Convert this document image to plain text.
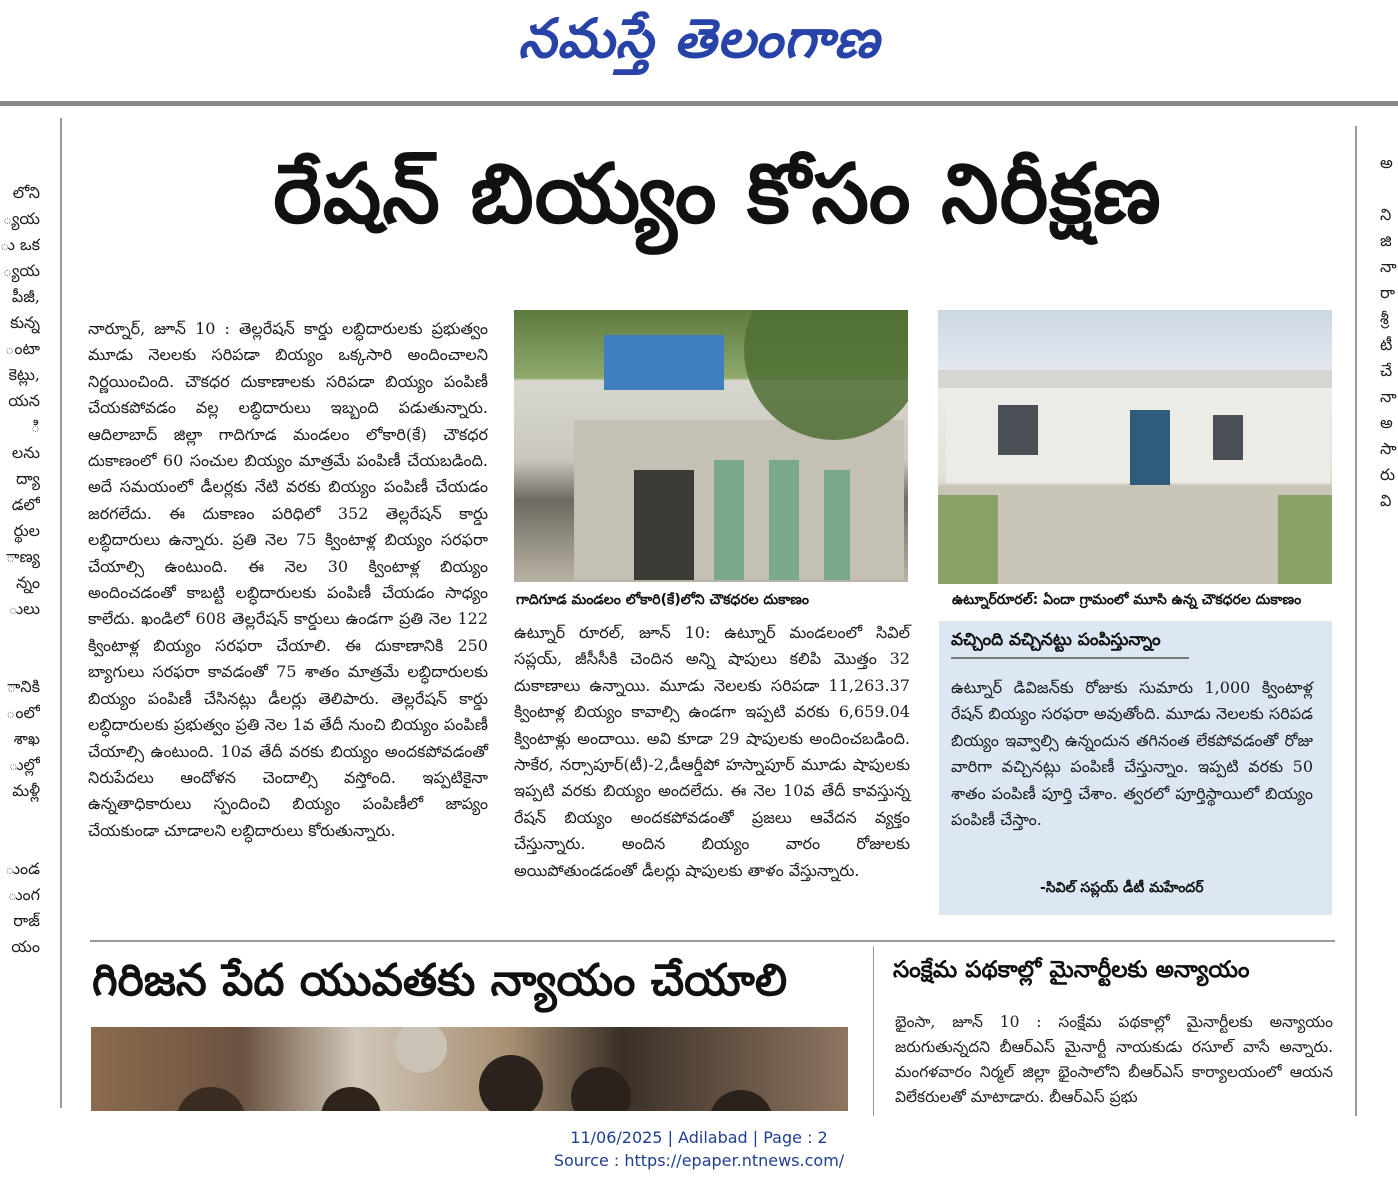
నమస్తే తెలంగాణ
లోని
్యయ
ు ఒక
్యయ
పీజీ,
కున్న
ంటా
కెట్లు,
యన
ి
లను
ద్యా
డలో
ర్థుల
ాణ్య
న్నం
ులు

ానికి
ంలో
శాఖ
ుల్లో
మళ్లీ

ుండ
ుంగ
రాజ్
యం
అ

ని
జి
నా
రా
శ్రీ
టీ
చే
నా
అ
సా
రు
వి
రేషన్ బియ్యం కోసం నిరీక్షణ
నార్నూర్, జూన్ 10 : తెల్లరేషన్ కార్డు లబ్ధిదారులకు ప్రభుత్వం మూడు నెలలకు సరిపడా బియ్యం ఒక్కసారి అందించాలని నిర్ణయించింది. చౌకధర దుకాణాలకు సరిపడా బియ్యం పంపిణీ చేయకపోవడం వల్ల లబ్ధిదారులు ఇబ్బంది పడుతున్నారు. ఆదిలాబాద్ జిల్లా గాదిగూడ మండలం లోకారి(కే) చౌకధర దుకాణంలో 60 సంచుల బియ్యం మాత్రమే పంపిణీ చేయబడింది. అదే సమయంలో డీలర్లకు నేటి వరకు బియ్యం పంపిణీ చేయడం జరగలేదు. ఈ దుకాణం పరిధిలో 352 తెల్లరేషన్ కార్డు లబ్ధిదారులు ఉన్నారు. ప్రతి నెల 75 క్వింటాళ్ల బియ్యం సరఫరా చేయాల్సి ఉంటుంది. ఈ నెల 30 క్వింటాళ్ల బియ్యం అందించడంతో కాబట్టి లబ్ధిదారులకు పంపిణీ చేయడం సాధ్యం కాలేదు. ఖండిలో 608 తెల్లరేషన్ కార్డులు ఉండగా ప్రతి నెల 122 క్వింటాళ్ల బియ్యం సరఫరా చేయాలి. ఈ దుకాణానికి 250 బ్యాగులు సరఫరా కావడంతో 75 శాతం మాత్రమే లబ్ధిదారులకు బియ్యం పంపిణీ చేసినట్లు డీలర్లు తెలిపారు. తెల్లరేషన్ కార్డు లబ్ధిదారులకు ప్రభుత్వం ప్రతి నెల 1వ తేదీ నుంచి బియ్యం పంపిణీ చేయాల్సి ఉంటుంది. 10వ తేదీ వరకు బియ్యం అందకపోవడంతో నిరుపేదలు ఆందోళన చెందాల్సి వస్తోంది. ఇప్పటికైనా ఉన్నతాధికారులు స్పందించి బియ్యం పంపిణీలో జాప్యం చేయకుండా చూడాలని లబ్ధిదారులు కోరుతున్నారు.
గాదిగూడ మండలం లోకారి(కే)లోని చౌకధరల దుకాణం	ఉట్నూర్‌రూరల్: ఏందా గ్రామంలో మూసి ఉన్న చౌకధరల దుకాణం
ఉట్నూర్ రూరల్, జూన్ 10: ఉట్నూర్ మండలంలో సివిల్ సప్లయ్, జీసీసీకి చెందిన అన్ని షాపులు కలిపి మొత్తం 32 దుకాణాలు ఉన్నాయి. మూడు నెలలకు సరిపడా 11,263.37 క్వింటాళ్ల బియ్యం కావాల్సి ఉండగా ఇప్పటి వరకు 6,659.04 క్వింటాళ్లు అందాయి. అవి కూడా 29 షాపులకు అందించబడింది. సాకేర, నర్సాపూర్(టీ)-2,డీఆర్డీపో హస్నాపూర్ మూడు షాపులకు ఇప్పటి వరకు బియ్యం అందలేదు. ఈ నెల 10వ తేదీ కావస్తున్న రేషన్ బియ్యం అందకపోవడంతో ప్రజలు ఆవేదన వ్యక్తం చేస్తున్నారు. అందిన బియ్యం వారం రోజులకు అయిపోతుండడంతో డీలర్లు షాపులకు తాళం వేస్తున్నారు.
వచ్చింది వచ్చినట్టు పంపిస్తున్నాం
ఉట్నూర్ డివిజన్‌కు రోజుకు సుమారు 1,000 క్వింటాళ్ల రేషన్ బియ్యం సరఫరా అవుతోంది. మూడు నెలలకు సరిపడ బియ్యం ఇవ్వాల్సి ఉన్నందున తగినంత లేకపోవడంతో రోజు వారిగా వచ్చినట్లు పంపిణీ చేస్తున్నాం. ఇప్పటి వరకు 50 శాతం పంపిణీ పూర్తి చేశాం. త్వరలో పూర్తిస్థాయిలో బియ్యం పంపిణీ చేస్తాం.
-సివిల్ సప్లయ్ డీటీ మహేందర్
గిరిజన పేద యువతకు న్యాయం చేయాలి	సంక్షేమ పథకాల్లో మైనార్టీలకు అన్యాయం
భైంసా, జూన్ 10 : సంక్షేమ పథకాల్లో మైనార్టీలకు అన్యాయం జరుగుతున్నదని బీఆర్ఎస్ మైనార్టీ నాయకుడు రసూల్ వాసే అన్నారు. మంగళవారం నిర్మల్ జిల్లా భైంసాలోని బీఆర్ఎస్ కార్యాలయంలో ఆయన విలేకరులతో మాటాడారు. బీఆర్ఎస్ ప్రభు
11/06/2025 | Adilabad | Page : 2
Source : https://epaper.ntnews.com/
